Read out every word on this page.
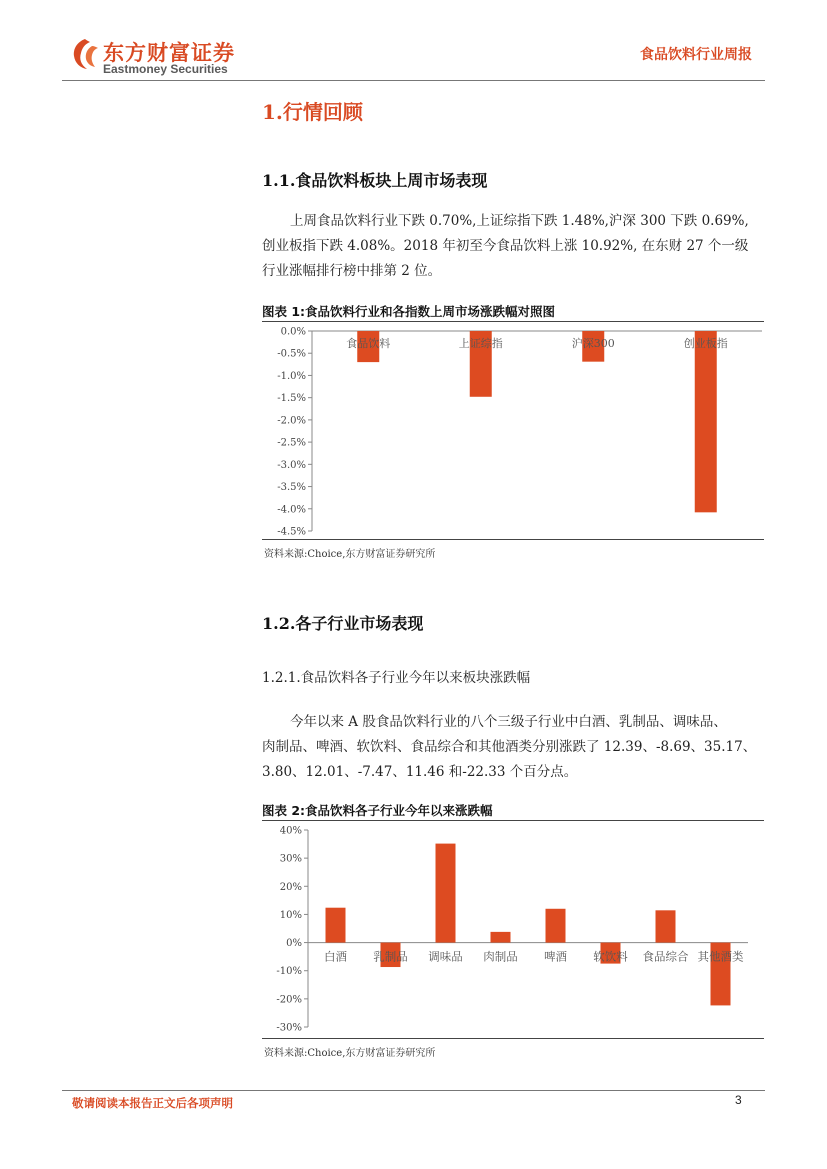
东方财富证券
Eastmoney Securities
食品饮料行业周报
1.行情回顾
1.1.食品饮料板块上周市场表现
上周食品饮料行业下跌 0.70%,上证综指下跌 1.48%,沪深 300 下跌 0.69%,
创业板指下跌 4.08%。2018 年初至今食品饮料上涨 10.92%, 在东财 27 个一级
行业涨幅排行榜中排第 2 位。
图表 1:食品饮料行业和各指数上周市场涨跌幅对照图
0.0%
-0.5%
-1.0%
-1.5%
-2.0%
-2.5%
-3.0%
-3.5%
-4.0%
-4.5%
食品饮料	上证综指	沪深300	创业板指
资料来源:Choice,东方财富证券研究所
1.2.各子行业市场表现
1.2.1.食品饮料各子行业今年以来板块涨跌幅
今年以来 A 股食品饮料行业的八个三级子行业中白酒、乳制品、调味品、
肉制品、啤酒、软饮料、食品综合和其他酒类分别涨跌了 12.39、-8.69、35.17、
3.80、12.01、-7.47、11.46 和-22.33 个百分点。
图表 2:食品饮料各子行业今年以来涨跌幅
40%
30%
20%
10%
0%
-10%
-20%
-30%
白酒 乳制品 调味品 肉制品 啤酒 软饮料 食品综合 其他酒类
资料来源:Choice,东方财富证券研究所
敬请阅读本报告正文后各项声明	3
